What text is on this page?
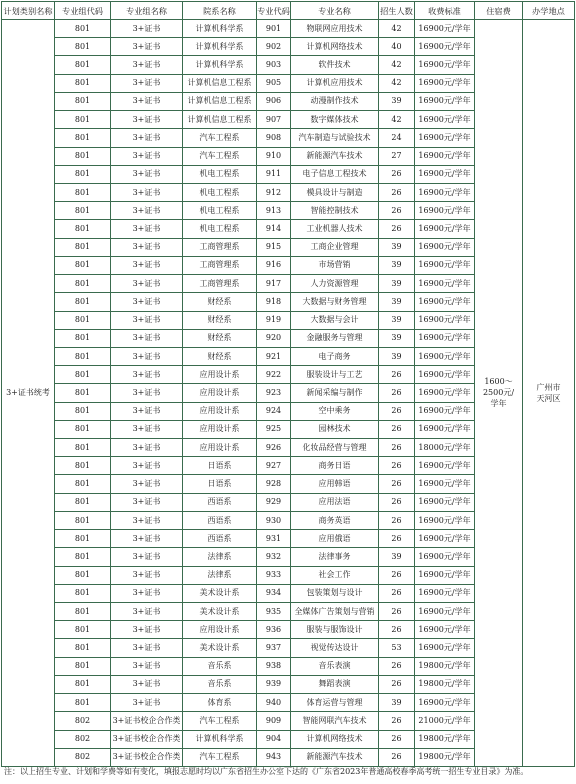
计划类别名称	专业组代码	专业组名称	院系名称	专业代码	专业名称	招生人数	收费标准	住宿费	办学地点
3+证书统考	801	3+证书	计算机科学系	901	物联网应用技术	42	16900元/学年	1600～2500元/学年	广州市天河区
	801	3+证书	计算机科学系	902	计算机网络技术	40	16900元/学年		
	801	3+证书	计算机科学系	903	软件技术	42	16900元/学年		
	801	3+证书	计算机信息工程系	905	计算机应用技术	42	16900元/学年		
	801	3+证书	计算机信息工程系	906	动漫制作技术	39	16900元/学年		
	801	3+证书	计算机信息工程系	907	数字媒体技术	42	16900元/学年		
	801	3+证书	汽车工程系	908	汽车制造与试验技术	24	16900元/学年		
	801	3+证书	汽车工程系	910	新能源汽车技术	27	16900元/学年		
	801	3+证书	机电工程系	911	电子信息工程技术	26	16900元/学年		
	801	3+证书	机电工程系	912	模具设计与制造	26	16900元/学年		
	801	3+证书	机电工程系	913	智能控制技术	26	16900元/学年		
	801	3+证书	机电工程系	914	工业机器人技术	26	16900元/学年		
	801	3+证书	工商管理系	915	工商企业管理	39	16900元/学年		
	801	3+证书	工商管理系	916	市场营销	39	16900元/学年		
	801	3+证书	工商管理系	917	人力资源管理	39	16900元/学年		
	801	3+证书	财经系	918	大数据与财务管理	39	16900元/学年		
	801	3+证书	财经系	919	大数据与会计	39	16900元/学年		
	801	3+证书	财经系	920	金融服务与管理	39	16900元/学年		
	801	3+证书	财经系	921	电子商务	39	16900元/学年		
	801	3+证书	应用设计系	922	服装设计与工艺	26	16900元/学年		
	801	3+证书	应用设计系	923	新闻采编与制作	26	16900元/学年		
	801	3+证书	应用设计系	924	空中乘务	26	16900元/学年		
	801	3+证书	应用设计系	925	园林技术	26	16900元/学年		
	801	3+证书	应用设计系	926	化妆品经营与管理	26	18000元/学年		
	801	3+证书	日语系	927	商务日语	26	16900元/学年		
	801	3+证书	日语系	928	应用韩语	26	16900元/学年		
	801	3+证书	西语系	929	应用法语	26	16900元/学年		
	801	3+证书	西语系	930	商务英语	26	16900元/学年		
	801	3+证书	西语系	931	应用俄语	26	16900元/学年		
	801	3+证书	法律系	932	法律事务	39	16900元/学年		
	801	3+证书	法律系	933	社会工作	26	16900元/学年		
	801	3+证书	美术设计系	934	包装策划与设计	26	16900元/学年		
	801	3+证书	美术设计系	935	全媒体广告策划与营销	26	16900元/学年		
	801	3+证书	应用设计系	936	服装与服饰设计	26	16900元/学年		
	801	3+证书	美术设计系	937	视觉传达设计	53	16900元/学年		
	801	3+证书	音乐系	938	音乐表演	26	19800元/学年		
	801	3+证书	音乐系	939	舞蹈表演	26	19800元/学年		
	801	3+证书	体育系	940	体育运营与管理	39	16900元/学年		
	802	3+证书校企合作类	汽车工程系	909	智能网联汽车技术	26	21000元/学年		
	802	3+证书校企合作类	计算机科学系	904	计算机网络技术	26	19800元/学年		
	802	3+证书校企合作类	汽车工程系	943	新能源汽车技术	26	19800元/学年		
注：以上招生专业、计划和学费等如有变化，填报志愿时均以广东省招生办公室下达的《广东省2023年普通高校春季高考统一招生专业目录》为准。
